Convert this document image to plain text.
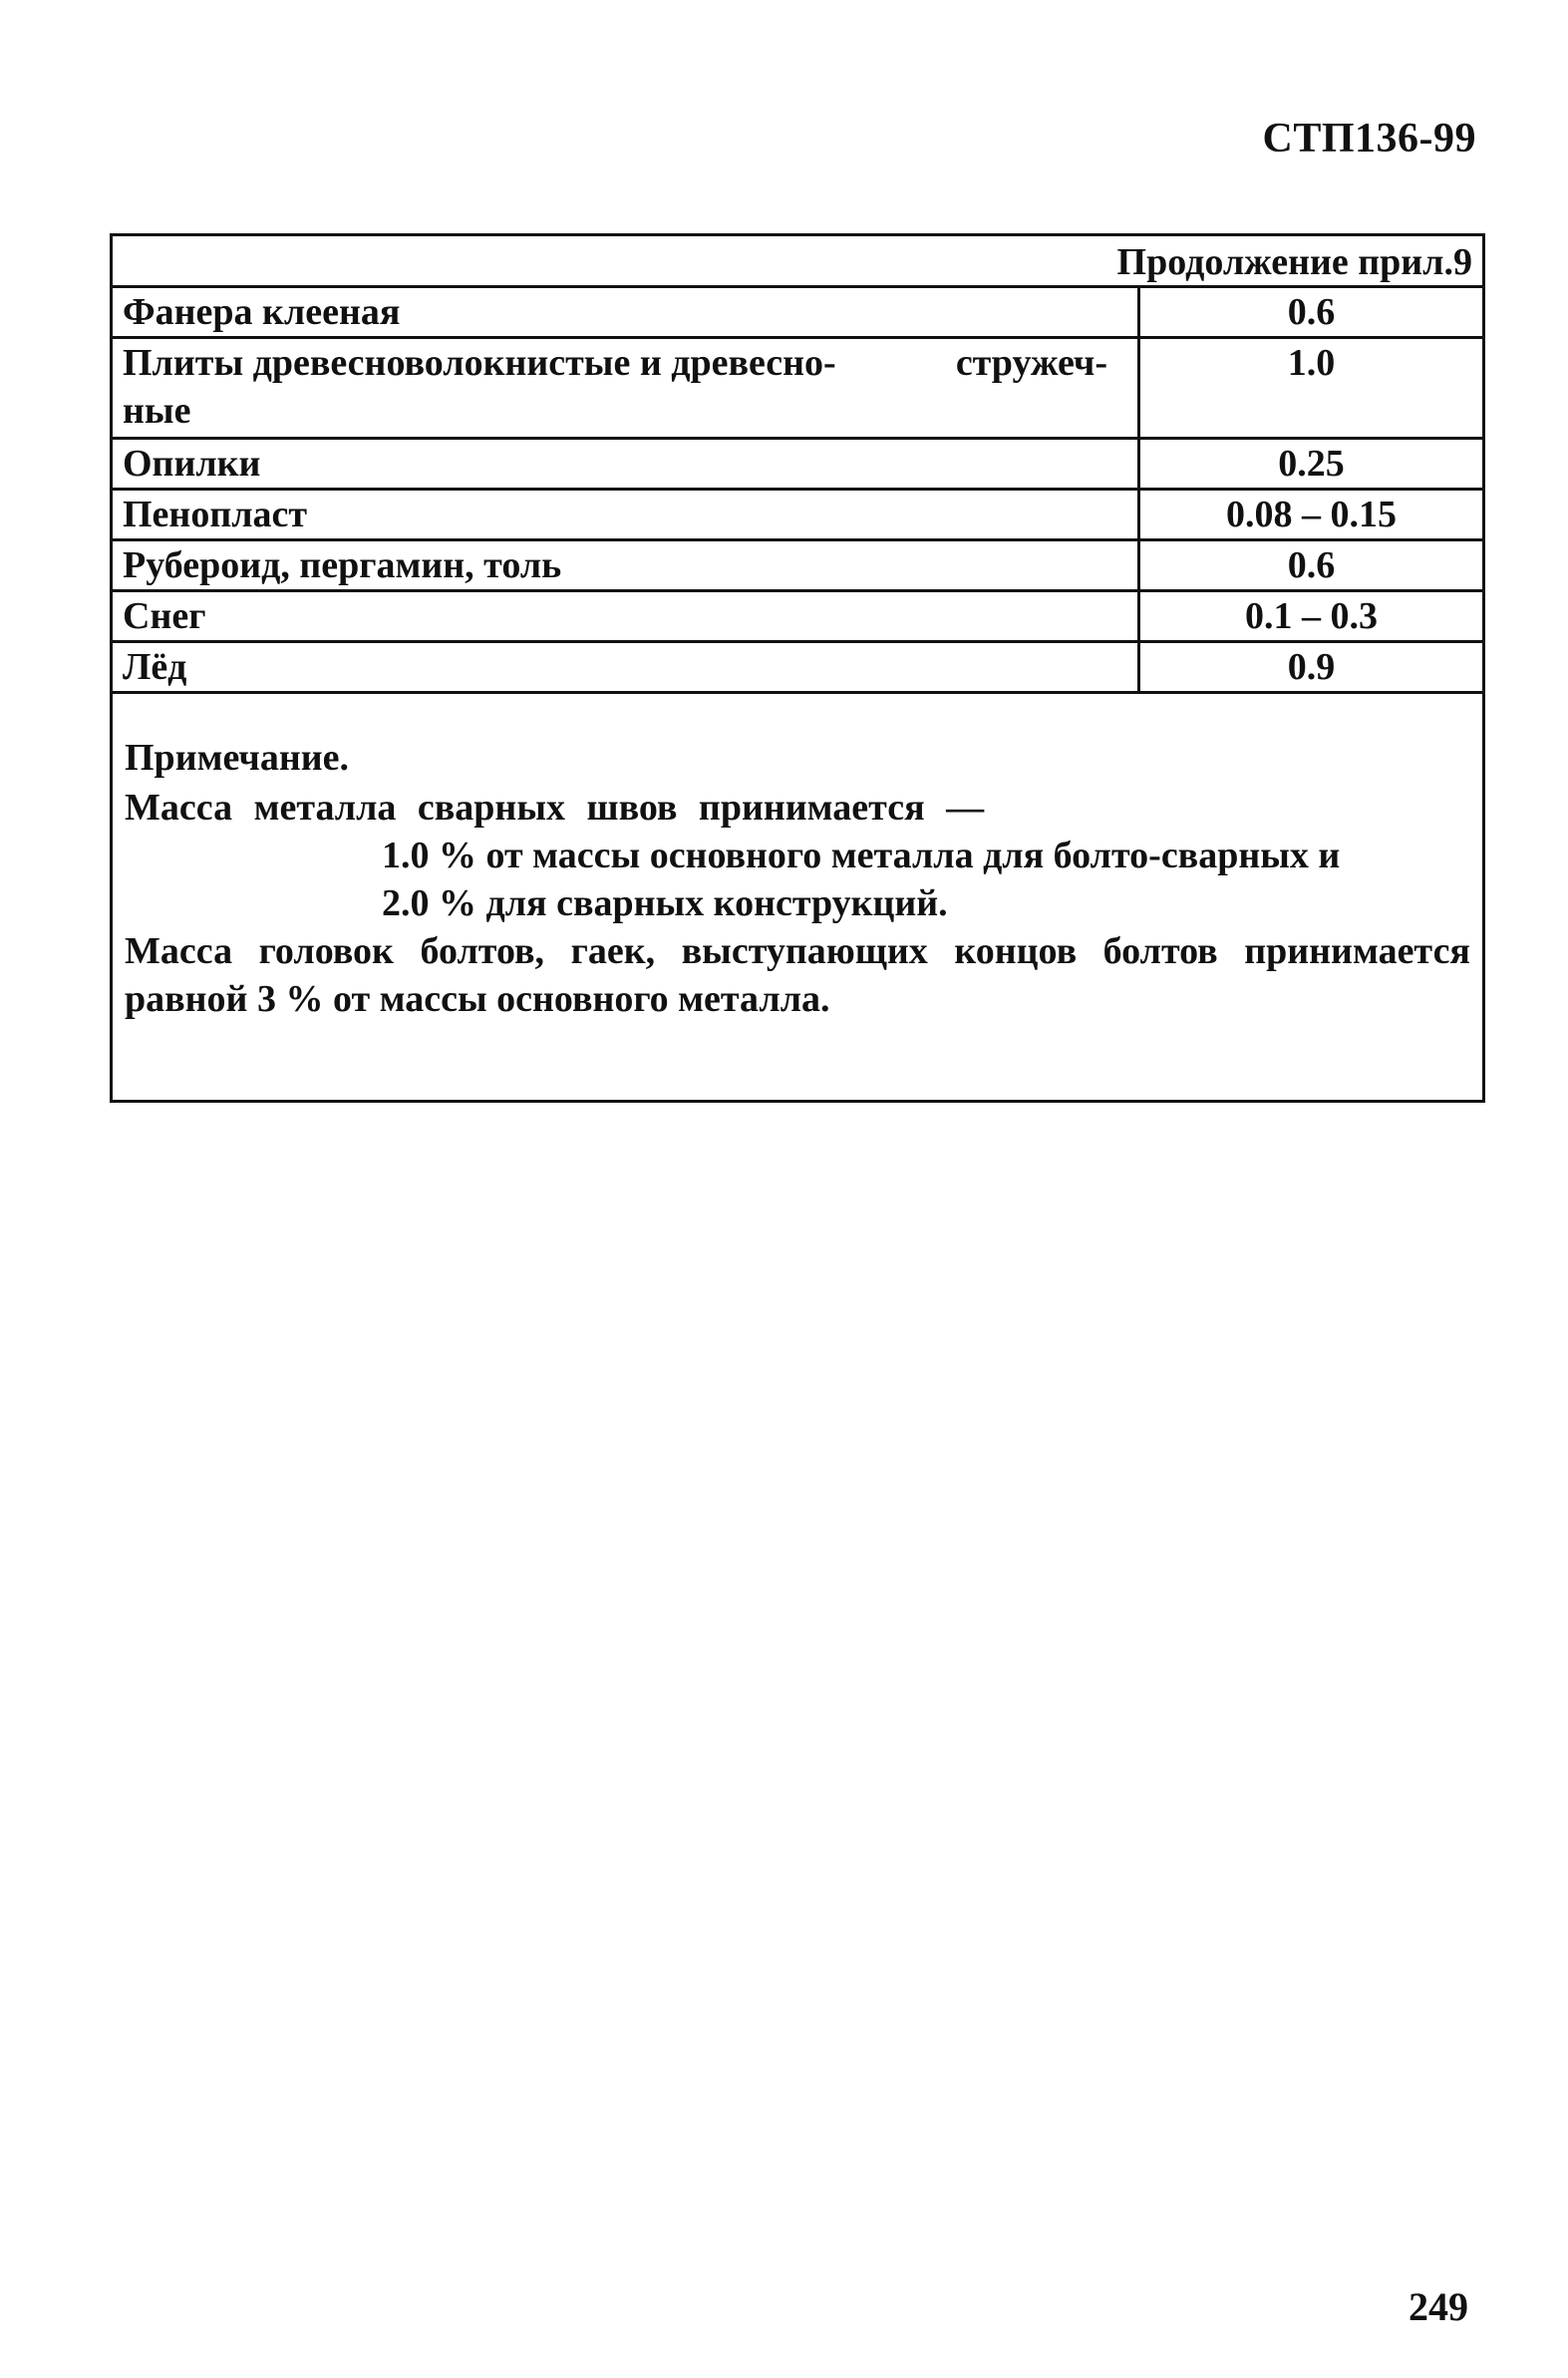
СТП136-99
Продолжение прил.9
Фанера клееная	0.6

Плиты древесноволокнистые и древесно- стружеч-
ные	1.0
Опилки	0.25
Пенопласт	0.08 – 0.15
Рубероид, пергамин, толь	0.6
Снег	0.1 – 0.3
Лёд	0.9
Примечание.
Масса металла сварных швов принимается —
1.0 % от массы основного металла для болто-сварных и
2.0 % для сварных конструкций.
Масса головок болтов, гаек, выступающих концов болтов принимается
равной 3 % от массы основного металла.
249
